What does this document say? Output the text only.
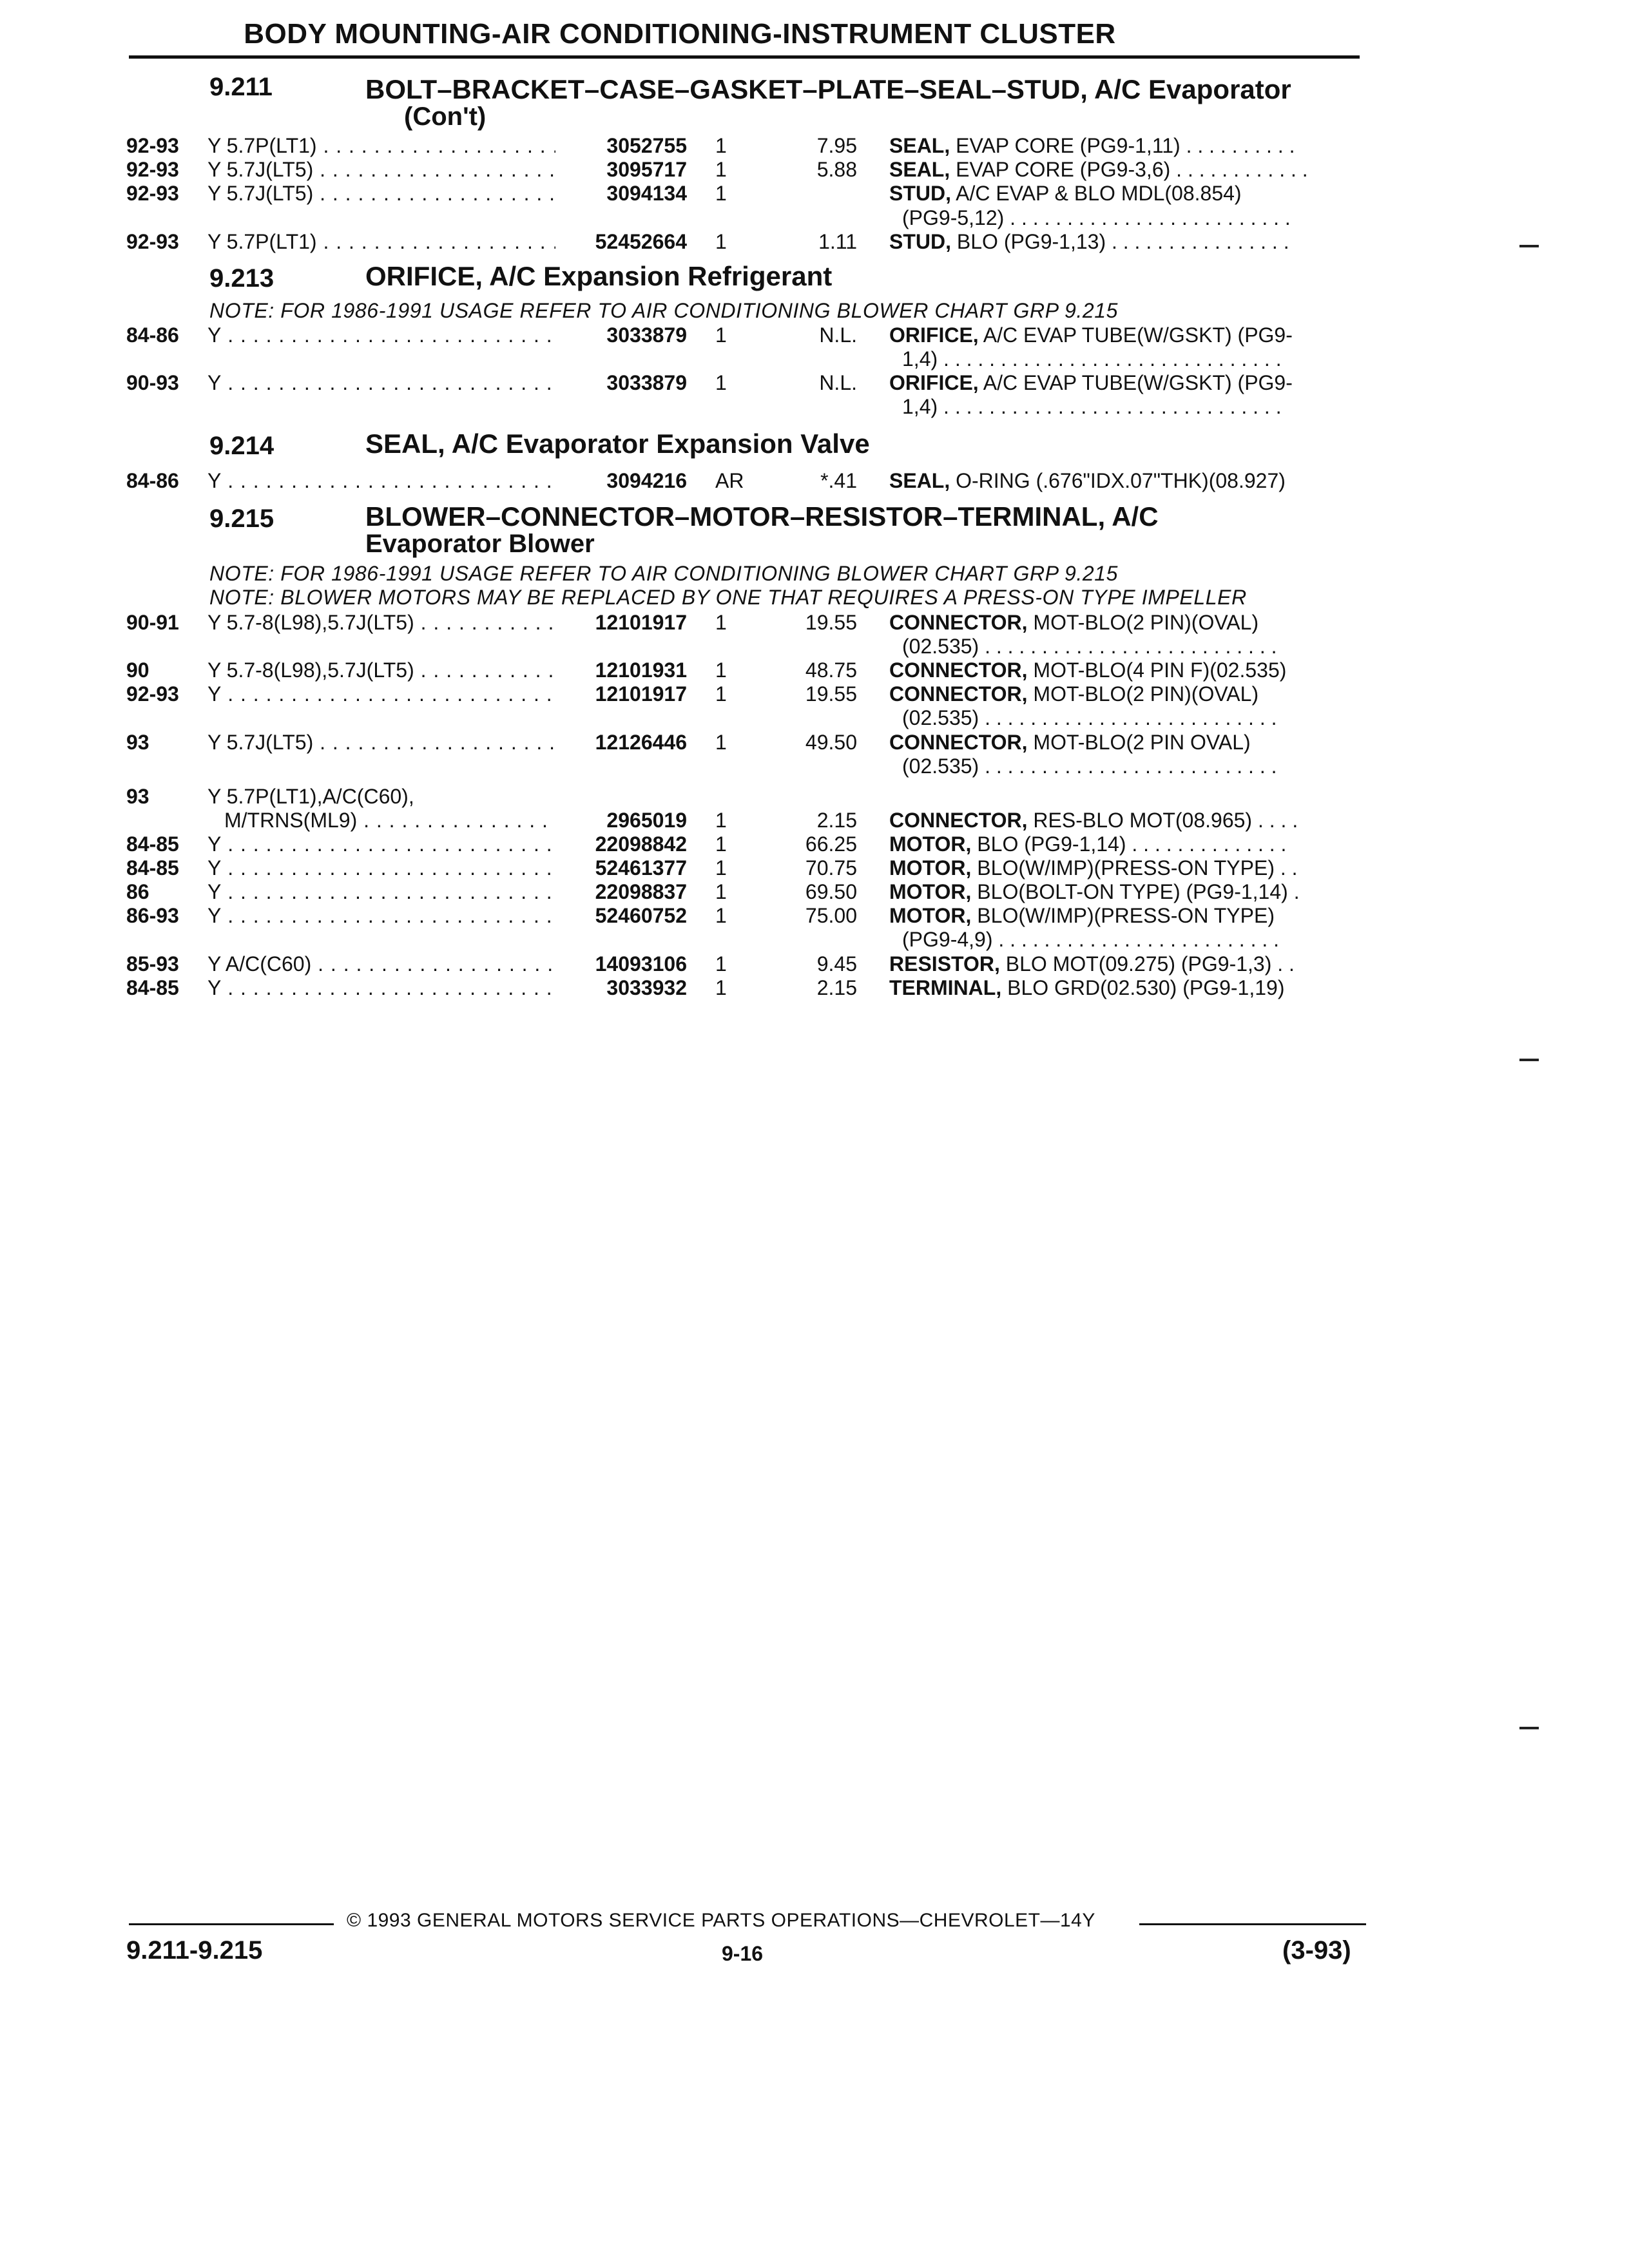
BODY MOUNTING-AIR CONDITIONING-INSTRUMENT CLUSTER
9.211	BOLT–BRACKET–CASE–GASKET–PLATE–SEAL–STUD, A/C Evaporator
(Con't)
92-93 Y 5.7P(LT1) . . .	3052755 1	7.95 SEAL, EVAP CORE (PG9-1,11) . . . . . . . . . .
92-93 Y 5.7J(LT5) . . .	3095717 1	5.88 SEAL, EVAP CORE (PG9-3,6) . . . . . . . . . . . .
92-93 Y 5.7J(LT5) . . .	3094134 1	STUD, A/C EVAP & BLO MDL(08.854)
(PG9-5,12) . . . . . . . . . . . . . . . . . . . . . . . . .
92-93 Y 5.7P(LT1) . . .	52452664 1	1.11 STUD, BLO (PG9-1,13) . . . . . . . . . . . . . . . .
9.213	ORIFICE, A/C Expansion Refrigerant
NOTE: FOR 1986-1991 USAGE REFER TO AIR CONDITIONING BLOWER CHART GRP 9.215
84-86 Y . . .	3033879 1	N.L. ORIFICE, A/C EVAP TUBE(W/GSKT) (PG9-
1,4) . . . . . . . . . . . . . . . . . . . . . . . . . . . . . .
90-93 Y . . .	3033879 1	N.L. ORIFICE, A/C EVAP TUBE(W/GSKT) (PG9-
1,4) . . . . . . . . . . . . . . . . . . . . . . . . . . . . . .
9.214	SEAL, A/C Evaporator Expansion Valve
84-86 Y . . .	3094216 AR	*.41 SEAL, O-RING (.676"IDX.07"THK)(08.927)
9.215	BLOWER–CONNECTOR–MOTOR–RESISTOR–TERMINAL, A/C
Evaporator Blower
NOTE: FOR 1986-1991 USAGE REFER TO AIR CONDITIONING BLOWER CHART GRP 9.215
NOTE: BLOWER MOTORS MAY BE REPLACED BY ONE THAT REQUIRES A PRESS-ON TYPE IMPELLER
90-91 Y 5.7-8(L98),5.7J(LT5) . . .	12101917 1	19.55 CONNECTOR, MOT-BLO(2 PIN)(OVAL)
(02.535) . . . . . . . . . . . . . . . . . . . . . . . . . .
90	Y 5.7-8(L98),5.7J(LT5) . . .	12101931 1	48.75 CONNECTOR, MOT-BLO(4 PIN F)(02.535)
92-93 Y . . .	12101917 1	19.55 CONNECTOR, MOT-BLO(2 PIN)(OVAL)
(02.535) . . . . . . . . . . . . . . . . . . . . . . . . . .
93	Y 5.7J(LT5) . . .	12126446 1	49.50 CONNECTOR, MOT-BLO(2 PIN OVAL)
(02.535) . . . . . . . . . . . . . . . . . . . . . . . . . .
93	Y 5.7P(LT1),A/C(C60),
M/TRNS(ML9) . . .	2965019 1	2.15 CONNECTOR, RES-BLO MOT(08.965) . . . .
84-85 Y . . .	22098842 1	66.25 MOTOR, BLO (PG9-1,14) . . . . . . . . . . . . . .
84-85 Y . . .	52461377 1	70.75 MOTOR, BLO(W/IMP)(PRESS-ON TYPE) . .
86	Y . . .	22098837 1	69.50 MOTOR, BLO(BOLT-ON TYPE) (PG9-1,14) .
86-93 Y . . .	52460752 1	75.00 MOTOR, BLO(W/IMP)(PRESS-ON TYPE)
(PG9-4,9) . . . . . . . . . . . . . . . . . . . . . . . . .
85-93 Y A/C(C60) . . .	14093106 1	9.45 RESISTOR, BLO MOT(09.275) (PG9-1,3) . .
84-85 Y . . .	3033932 1	2.15 TERMINAL, BLO GRD(02.530) (PG9-1,19)
© 1993 GENERAL MOTORS SERVICE PARTS OPERATIONS—CHEVROLET—14Y
9.211-9.215	9-16	(3-93)
